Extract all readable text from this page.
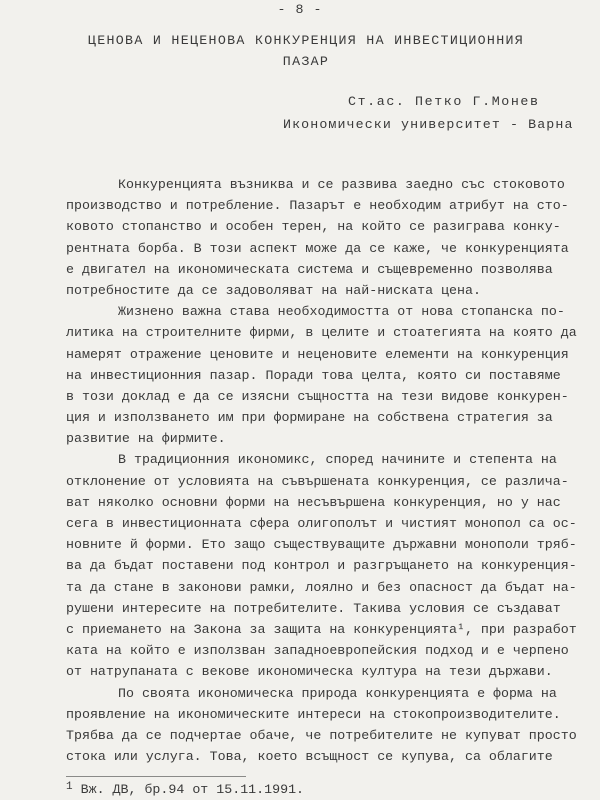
- 8 -
ЦЕНОВА И НЕЦЕНОВА КОНКУРЕНЦИЯ НА ИНВЕСТИЦИОННИЯ
ПАЗАР
Ст.ас. Петко Г.Монев
Икономически университет - Варна
Конкуренцията възниква и се развива заедно със стоковото
производство и потребление. Пазарът е необходим атрибут на сто-
ковото стопанство и особен терен, на който се разиграва конку-
рентната борба. В този аспект може да се каже, че конкуренцията
е двигател на икономическата система и същевременно позволява
потребностите да се задоволяват на най-ниската цена.
Жизнено важна става необходимостта от нова стопанска по-
литика на строителните фирми, в целите и стоатегията на която да
намерят отражение ценовите и неценовите елементи на конкуренция
на инвестиционния пазар. Поради това целта, която си поставяме
в този доклад е да се изясни същността на тези видове конкурен-
ция и използването им при формиране на собствена стратегия за
развитие на фирмите.
В традиционния икономикс, според начините и степента на
отклонение от условията на съвършената конкуренция, се различа-
ват няколко основни форми на несъвършена конкуренция, но у нас
сега в инвестиционната сфера олигополът и чистият монопол са ос-
новните й форми. Ето защо съществуващите държавни монополи тряб-
ва да бъдат поставени под контрол и разгръщането на конкуренция-
та да стане в законови рамки, лоялно и без опасност да бъдат на-
рушени интересите на потребителите. Такива условия се създават
с приемането на Закона за защита на конкуренцията¹, при разработ
ката на който е използван западноевропейския подход и е черпено
от натрупаната с векове икономическа култура на тези държави.
По своята икономическа природа конкуренцията е форма на
проявление на икономическите интереси на стокопроизводителите.
Трябва да се подчертае обаче, че потребителите не купуват просто
стока или услуга. Това, което всъщност се купува, са облагите
$^1$ Вж. ДВ, бр.94 от 15.11.1991.
